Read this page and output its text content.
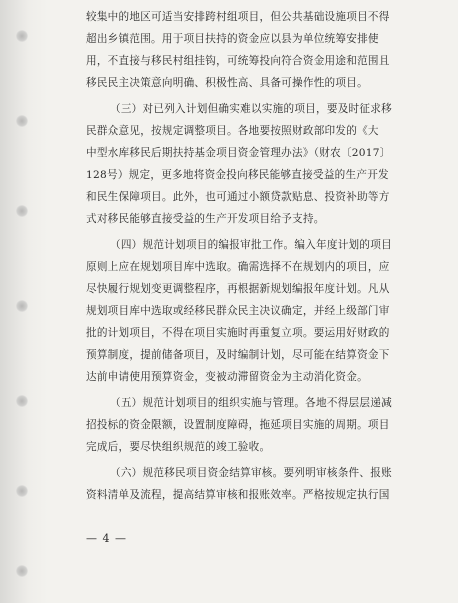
较集中的地区可适当安排跨村组项目，但公共基础设施项目不得
超出乡镇范围。用于项目扶持的资金应以县为单位统筹安排使
用，不直接与移民村组挂钩，可统筹投向符合资金用途和范围且
移民民主决策意向明确、积极性高、具备可操作性的项目。
（三）对已列入计划但确实难以实施的项目，要及时征求移
民群众意见，按规定调整项目。各地要按照财政部印发的《大
中型水库移民后期扶持基金项目资金管理办法》（财农〔2017〕
128号）规定，更多地将资金投向移民能够直接受益的生产开发
和民生保障项目。此外，也可通过小额贷款贴息、投资补助等方
式对移民能够直接受益的生产开发项目给予支持。
（四）规范计划项目的编报审批工作。编入年度计划的项目
原则上应在规划项目库中选取。确需选择不在规划内的项目，应
尽快履行规划变更调整程序，再根据新规划编报年度计划。凡从
规划项目库中选取或经移民群众民主决议确定，并经上级部门审
批的计划项目，不得在项目实施时再重复立项。要运用好财政的
预算制度，提前储备项目，及时编制计划，尽可能在结算资金下
达前申请使用预算资金，变被动滞留资金为主动消化资金。
（五）规范计划项目的组织实施与管理。各地不得层层递减
招投标的资金限额，设置制度障碍，拖延项目实施的周期。项目
完成后，要尽快组织规范的竣工验收。
（六）规范移民项目资金结算审核。要列明审核条件、报账
资料清单及流程，提高结算审核和报账效率。严格按规定执行国
— 4 —
